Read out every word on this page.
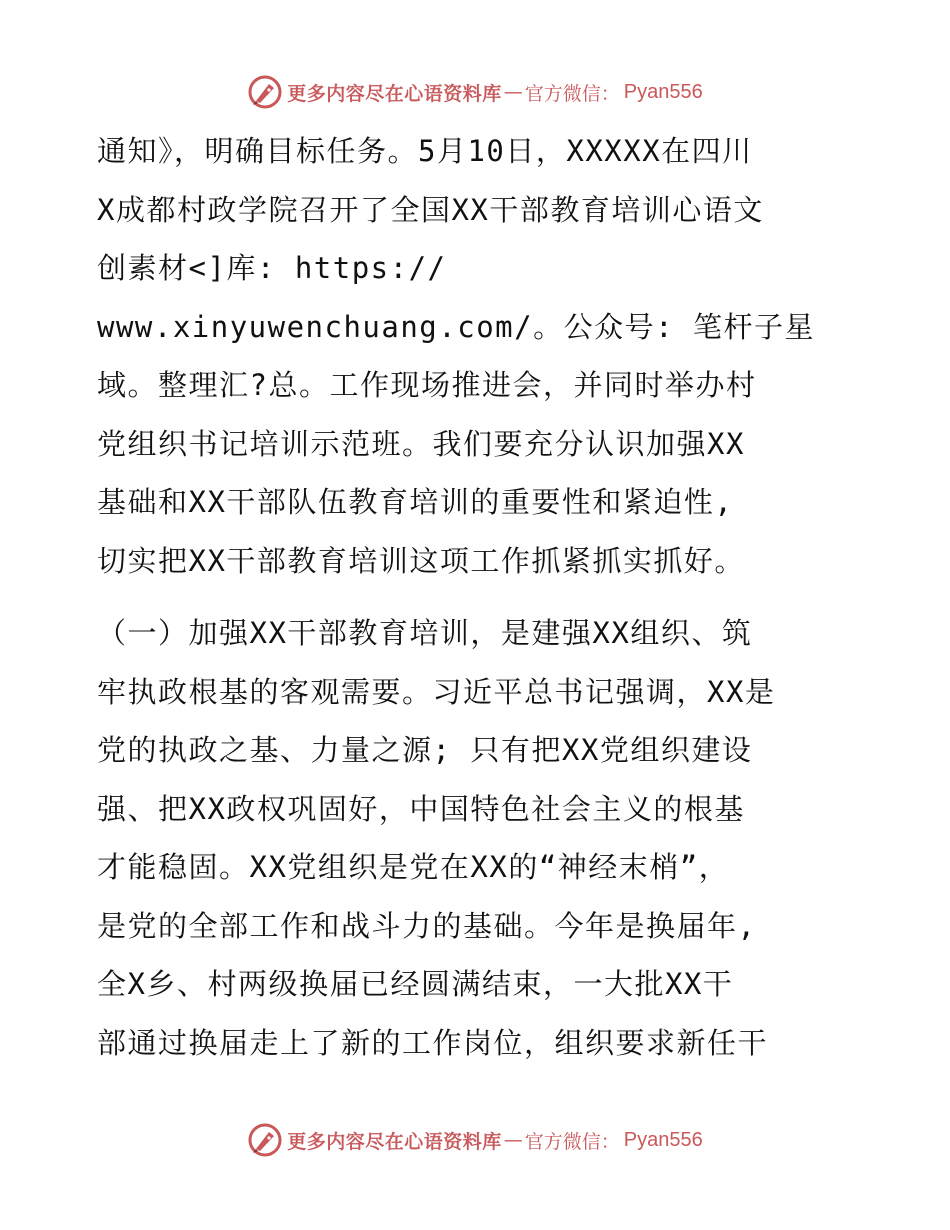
更多内容尽在心语资料库 — 官方微信 ： Pyan556
通知》，明确目标任务。5月10日，XXXXX在四川
X成都村政学院召开了全国XX干部教育培训心语文
创素材<]库: https://
www.xinyuwenchuang.com/。公众号: 笔杆子星
域。整理汇?总。工作现场推进会，并同时举办村
党组织书记培训示范班。我们要充分认识加强XX
基础和XX干部队伍教育培训的重要性和紧迫性,
切实把XX干部教育培训这项工作抓紧抓实抓好。
（一）加强XX干部教育培训，是建强XX组织、筑
牢执政根基的客观需要。习近平总书记强调，XX是
党的执政之基、力量之源; 只有把XX党组织建设
强、把XX政权巩固好，中国特色社会主义的根基
才能稳固。XX党组织是党在XX的“神经末梢”，
是党的全部工作和战斗力的基础。今年是换届年,
全X乡、村两级换届已经圆满结束，一大批XX干
部通过换届走上了新的工作岗位，组织要求新任干
更多内容尽在心语资料库 — 官方微信 ： Pyan556
